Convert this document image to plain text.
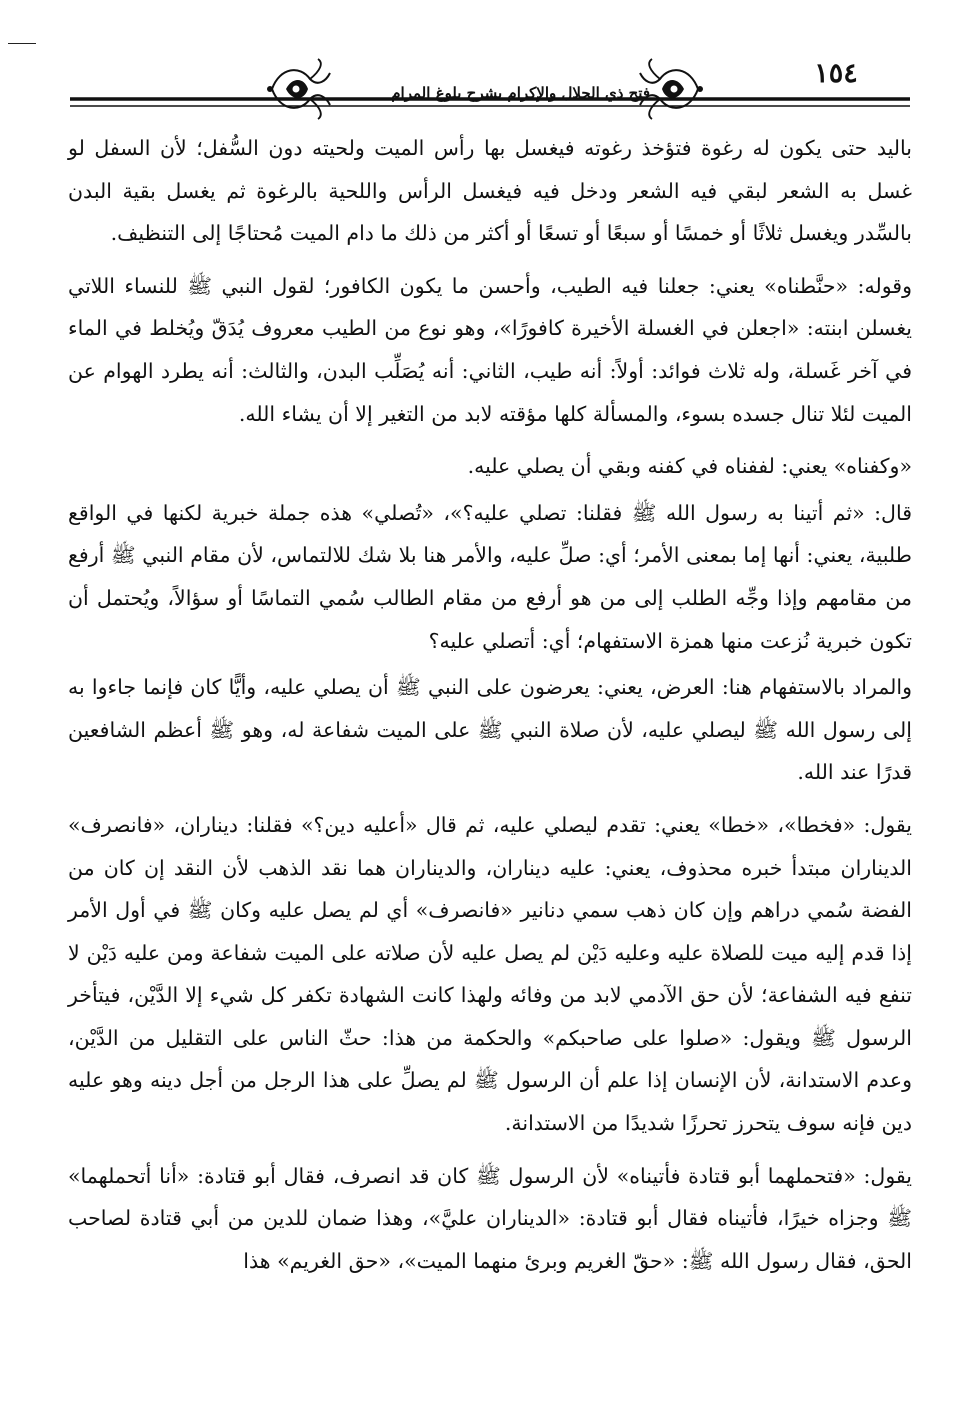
فتح ذي الجلال والإكرام بشرح بلوغ المرام
١٥٤

باليد حتى يكون له رغوة فتؤخذ رغوته فيغسل بها رأس الميت ولحيته دون السُّفل؛ لأن السفل لو غسل به الشعر لبقي فيه الشعر ودخل فيه فيغسل الرأس واللحية بالرغوة ثم يغسل بقية البدن بالسِّدر ويغسل ثلاثًا أو خمسًا أو سبعًا أو تسعًا أو أكثر من ذلك ما دام الميت مُحتاجًا إلى التنظيف.

وقوله: «حنَّطناه» يعني: جعلنا فيه الطيب، وأحسن ما يكون الكافور؛ لقول النبي ﷺ للنساء اللاتي يغسلن ابنته: «اجعلن في الغسلة الأخيرة كافورًا»، وهو نوع من الطيب معروف يُدَقّ ويُخلط في الماء في آخر غَسلة، وله ثلاث فوائد: أولاً: أنه طيب، الثاني: أنه يُصَلِّب البدن، والثالث: أنه يطرد الهوام عن الميت لئلا تنال جسده بسوء، والمسألة كلها مؤقته لابد من التغير إلا أن يشاء الله.

«وكفناه» يعني: لففناه في كفنه وبقي أن يصلي عليه.

قال: «ثم أتينا به رسول الله ﷺ فقلنا: تصلي عليه؟»، «تُصلي» هذه جملة خبرية لكنها في الواقع طلبية، يعني: أنها إما بمعنى الأمر؛ أي: صلِّ عليه، والأمر هنا بلا شك للالتماس، لأن مقام النبي ﷺ أرفع من مقامهم وإذا وجِّه الطلب إلى من هو أرفع من مقام الطالب سُمي التماسًا أو سؤالاً، ويُحتمل أن تكون خبرية نُزعت منها همزة الاستفهام؛ أي: أتصلي عليه؟

والمراد بالاستفهام هنا: العرض، يعني: يعرضون على النبي ﷺ أن يصلي عليه، وأيًّا كان فإنما جاءوا به إلى رسول الله ﷺ ليصلي عليه، لأن صلاة النبي ﷺ على الميت شفاعة له، وهو ﷺ أعظم الشافعين قدرًا عند الله.

يقول: «فخطا»، «خطا» يعني: تقدم ليصلي عليه، ثم قال «أعليه دين؟» فقلنا: ديناران، «فانصرف» الديناران مبتدأ خبره محذوف، يعني: عليه ديناران، والديناران هما نقد الذهب لأن النقد إن كان من الفضة سُمي دراهم وإن كان ذهب سمي دنانير «فانصرف» أي لم يصل عليه وكان ﷺ في أول الأمر إذا قدم إليه ميت للصلاة عليه وعليه دَيْن لم يصل عليه لأن صلاته على الميت شفاعة ومن عليه دَيْن لا تنفع فيه الشفاعة؛ لأن حق الآدمي لابد من وفائه ولهذا كانت الشهادة تكفر كل شيء إلا الدَّيْن، فيتأخر الرسول ﷺ ويقول: «صلوا على صاحبكم» والحكمة من هذا: حثّ الناس على التقليل من الدَّيْن، وعدم الاستدانة، لأن الإنسان إذا علم أن الرسول ﷺ لم يصلِّ على هذا الرجل من أجل دينه وهو عليه دين فإنه سوف يتحرز تحرزًا شديدًا من الاستدانة.

يقول: «فتحملهما أبو قتادة فأتيناه» لأن الرسول ﷺ كان قد انصرف، فقال أبو قتادة: «أنا أتحملهما» ﷺ وجزاه خيرًا، فأتيناه فقال أبو قتادة: «الديناران عليَّ»، وهذا ضمان للدين من أبي قتادة لصاحب الحق، فقال رسول الله ﷺ: «حقّ الغريم وبرئ منهما الميت»، «حق الغريم» هذا
